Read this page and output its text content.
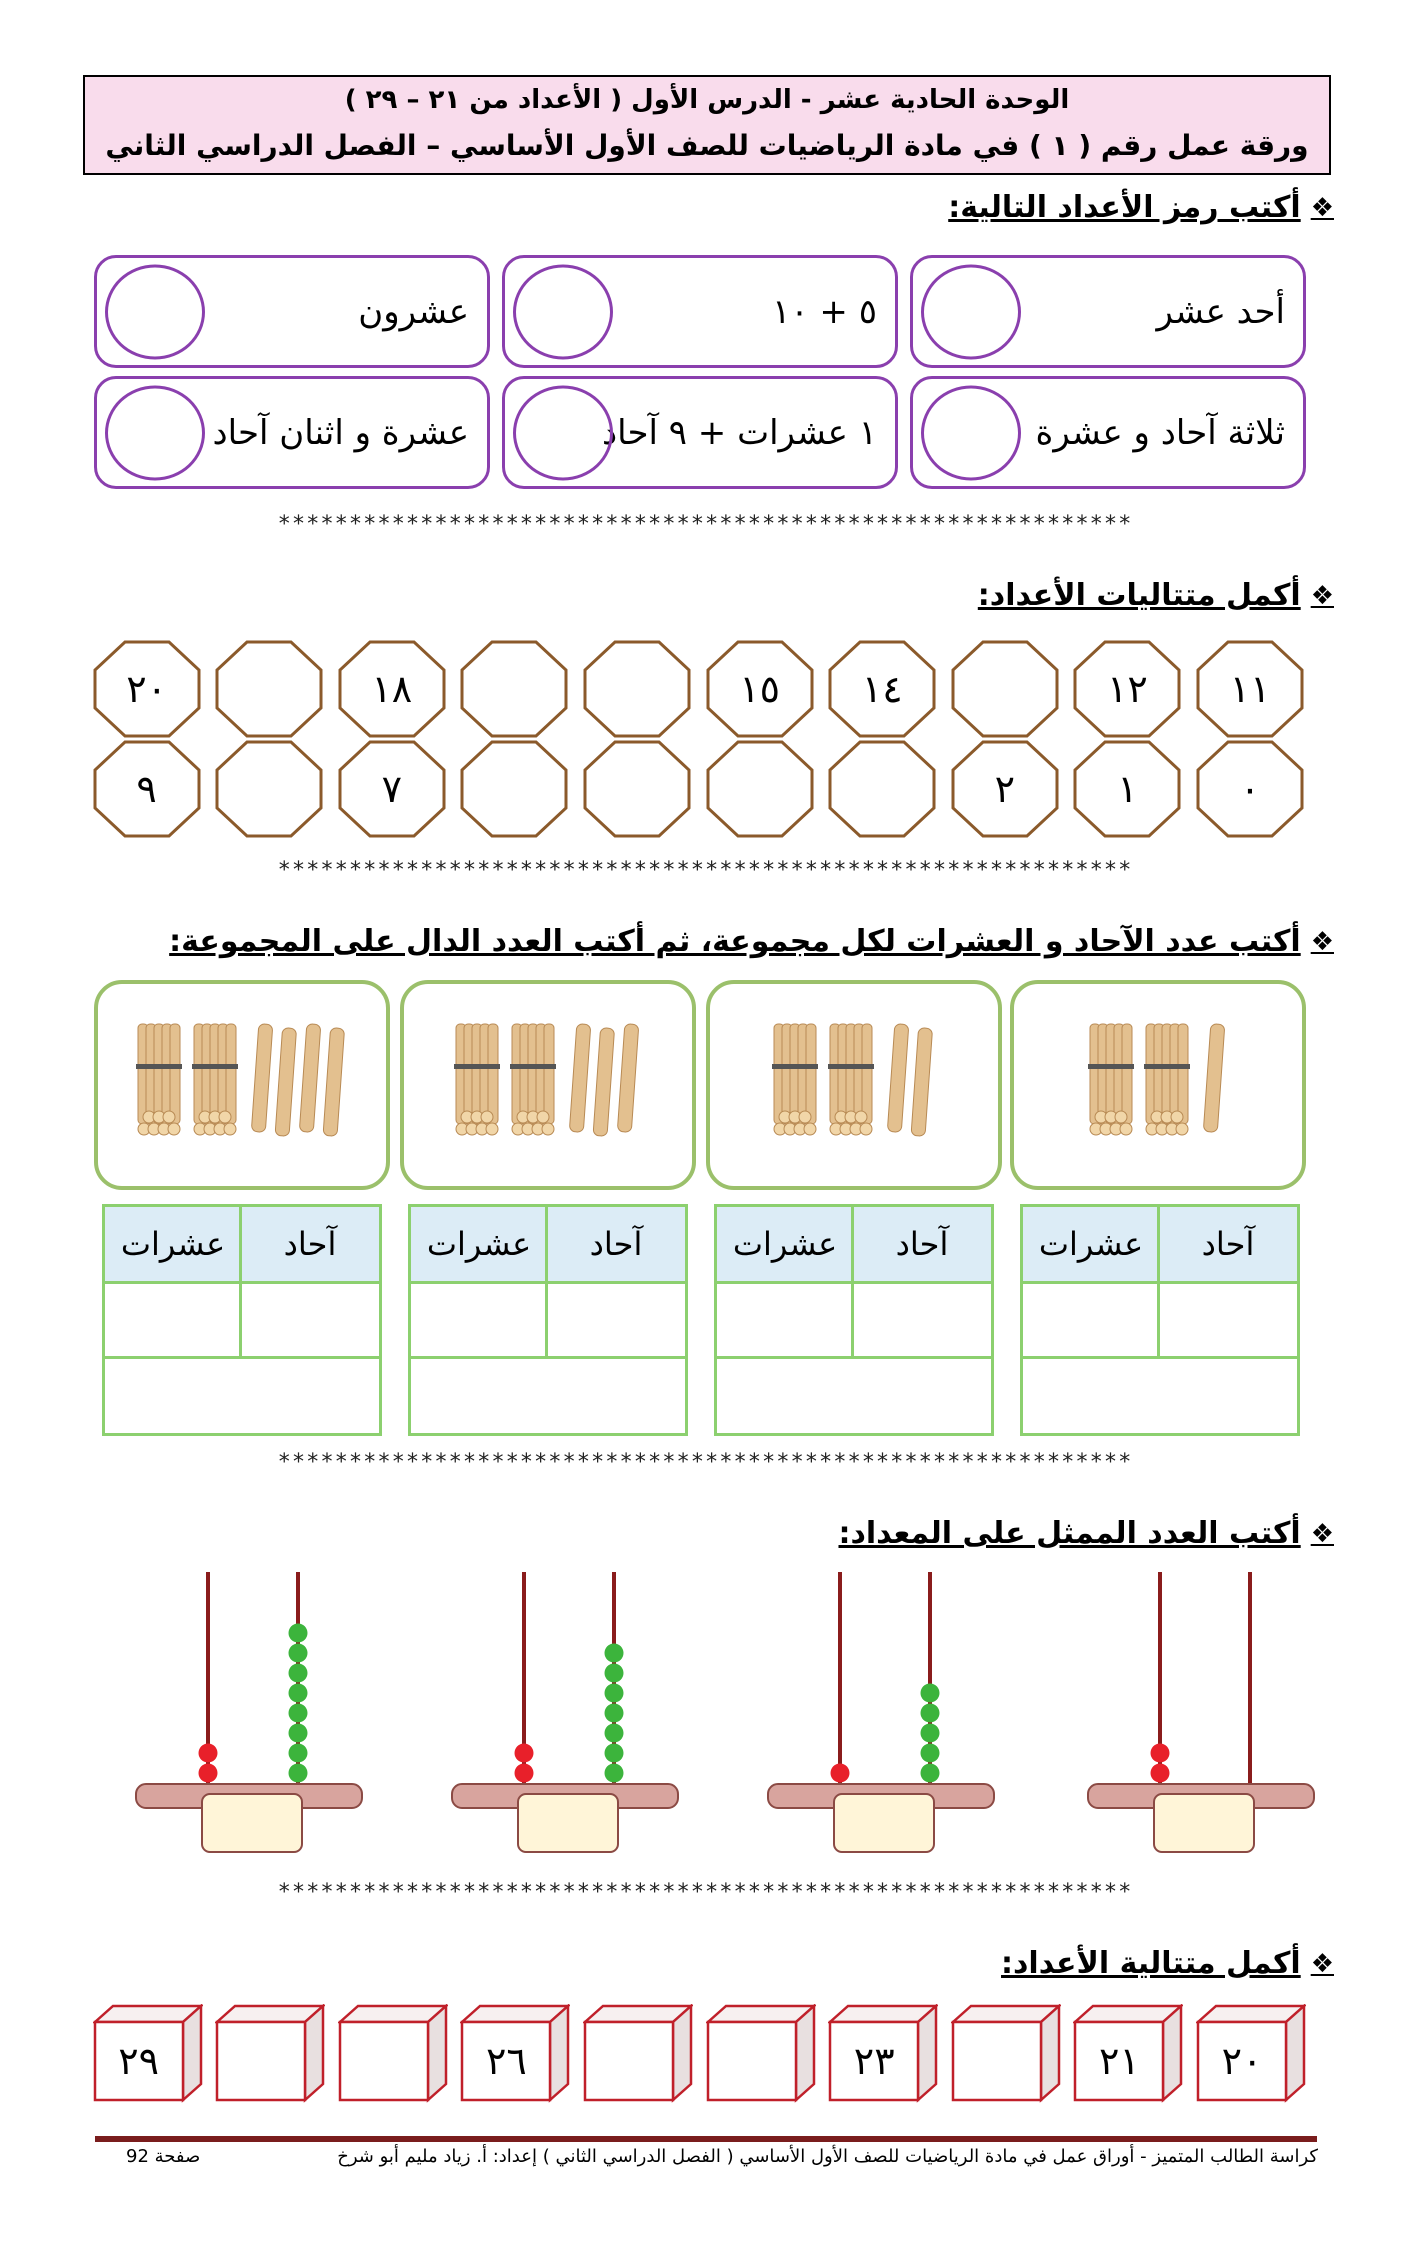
الوحدة الحادية عشر - الدرس الأول ( الأعداد من ٢١ – ٢٩ )
ورقة عمل رقم ( ١ ) في مادة الرياضيات للصف الأول الأساسي – الفصل الدراسي الثاني
❖
أكتب رمز الأعداد التالية:
أحد عشر
٥ + ١٠
عشرون
ثلاثة آحاد و عشرة
١ عشرات + ٩ آحاد
عشرة و اثنان آحاد
************************************************************
❖
أكمل متتاليات الأعداد:
١١
١٢
١٤
١٥
١٨
٢٠
٠
١
٢
٧
٩
************************************************************
❖
أكتب عدد الآحاد و العشرات لكل مجموعة، ثم أكتب العدد الدال على المجموعة:
آحاد
عشرات
آحاد
عشرات
آحاد
عشرات
آحاد
عشرات
************************************************************
❖
أكتب العدد الممثل على المعداد:
************************************************************
❖
أكمل متتالية الأعداد:
٢٠
٢١
٢٣
٢٦
٢٩
كراسة الطالب المتميز - أوراق عمل في مادة الرياضيات للصف الأول الأساسي ( الفصل الدراسي الثاني ) إعداد: أ. زياد مليم أبو شرخ
صفحة 92
